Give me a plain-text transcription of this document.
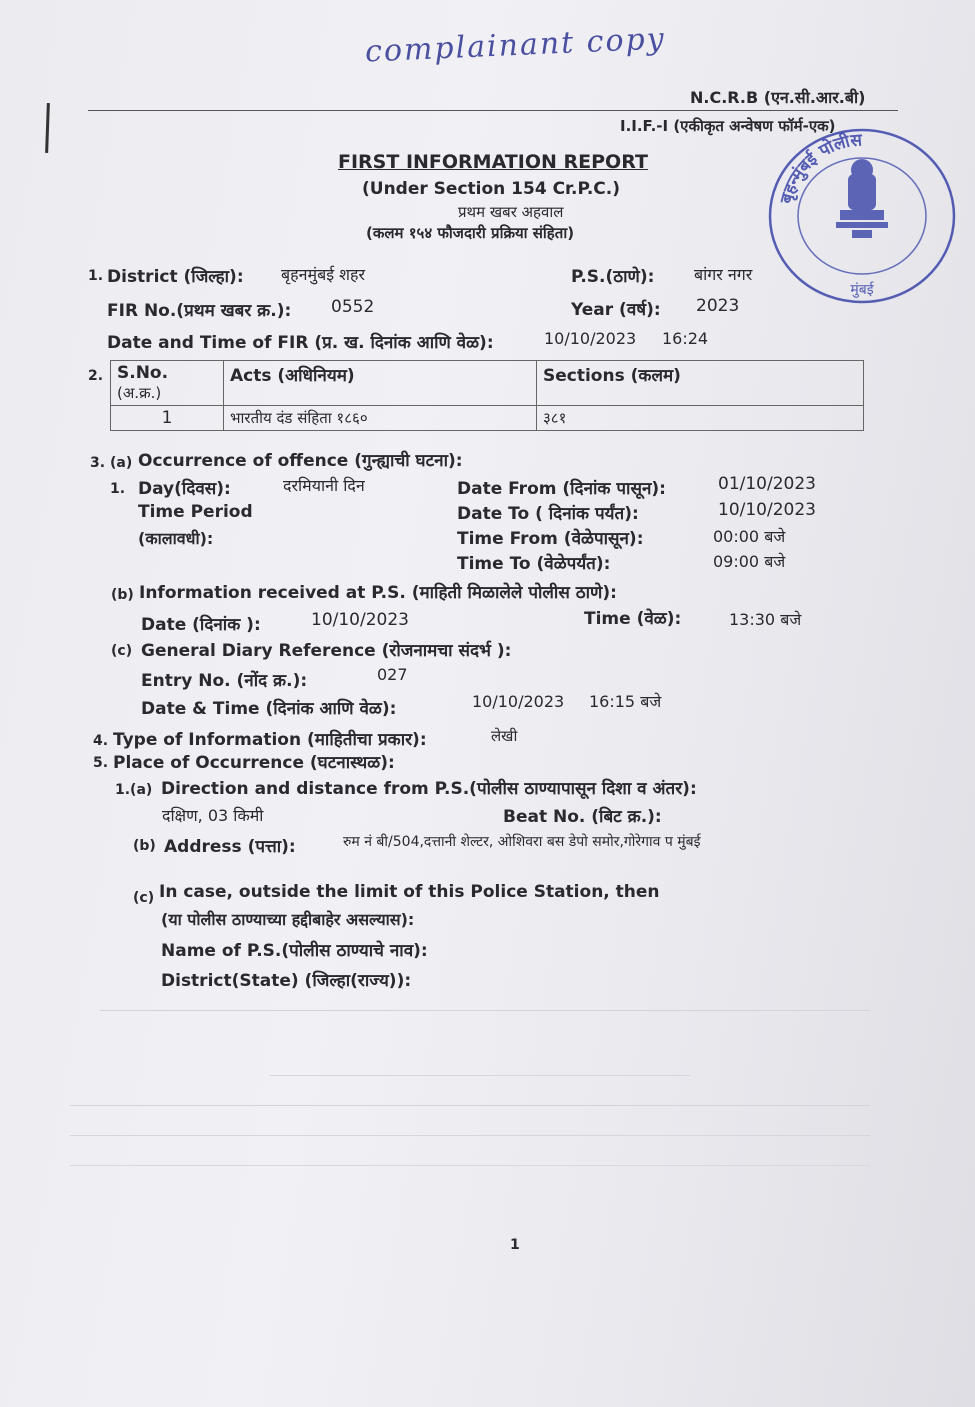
complainant copy
N.C.R.B (एन.सी.आर.बी)
I.I.F.-I (एकीकृत अन्वेषण फॉर्म-एक)
FIRST INFORMATION REPORT
(Under Section 154 Cr.P.C.)
प्रथम खबर अहवाल
(कलम १५४ फौजदारी प्रक्रिया संहिता)
बृहन्मुंबई पोलीस
मुंबई
1. District (जिल्हा): बृहनमुंबई शहर	P.S.(ठाणे): बांगर नगर
FIR No.(प्रथम खबर क्र.): 0552	Year (वर्ष): 2023
Date and Time of FIR (प्र. ख. दिनांक आणि वेळ):	10/10/2023 16:24
2. S.No.
(अ.क्र.)	Acts (अधिनियम)	Sections (कलम)
1	भारतीय दंड संहिता १८६०	३८१
3. (a) Occurrence of offence (गुन्ह्याची घटना):
1. Day(दिवस):	दरमियानी दिन
Time Period
(कालावधी):
Date From (दिनांक पासून):	01/10/2023
Date To ( दिनांक पर्यंत):	10/10/2023
Time From (वेळेपासून):	00:00 बजे
Time To (वेळेपर्यंत):	09:00 बजे
(b) Information received at P.S. (माहिती मिळालेले पोलीस ठाणे):
Date (दिनांक ):	10/10/2023	Time (वेळ):	13:30 बजे
(c) General Diary Reference (रोजनामचा संदर्भ ):
Entry No. (नोंद क्र.):	027
Date & Time (दिनांक आणि वेळ):	10/10/2023 16:15 बजे
4. Type of Information (माहितीचा प्रकार):	लेखी
5. Place of Occurrence (घटनास्थळ):
1.(a) Direction and distance from P.S.(पोलीस ठाण्यापासून दिशा व अंतर):
दक्षिण, 03 किमी	Beat No. (बिट क्र.):
(b) Address (पत्ता):	रुम नं बी/504,दत्तानी शेल्टर, ओशिवरा बस डेपो समोर,गोरेगाव प मुंबई
(c) In case, outside the limit of this Police Station, then
(या पोलीस ठाण्याच्या हद्दीबाहेर असल्यास):
Name of P.S.(पोलीस ठाण्याचे नाव):
District(State) (जिल्हा(राज्य)):
1
